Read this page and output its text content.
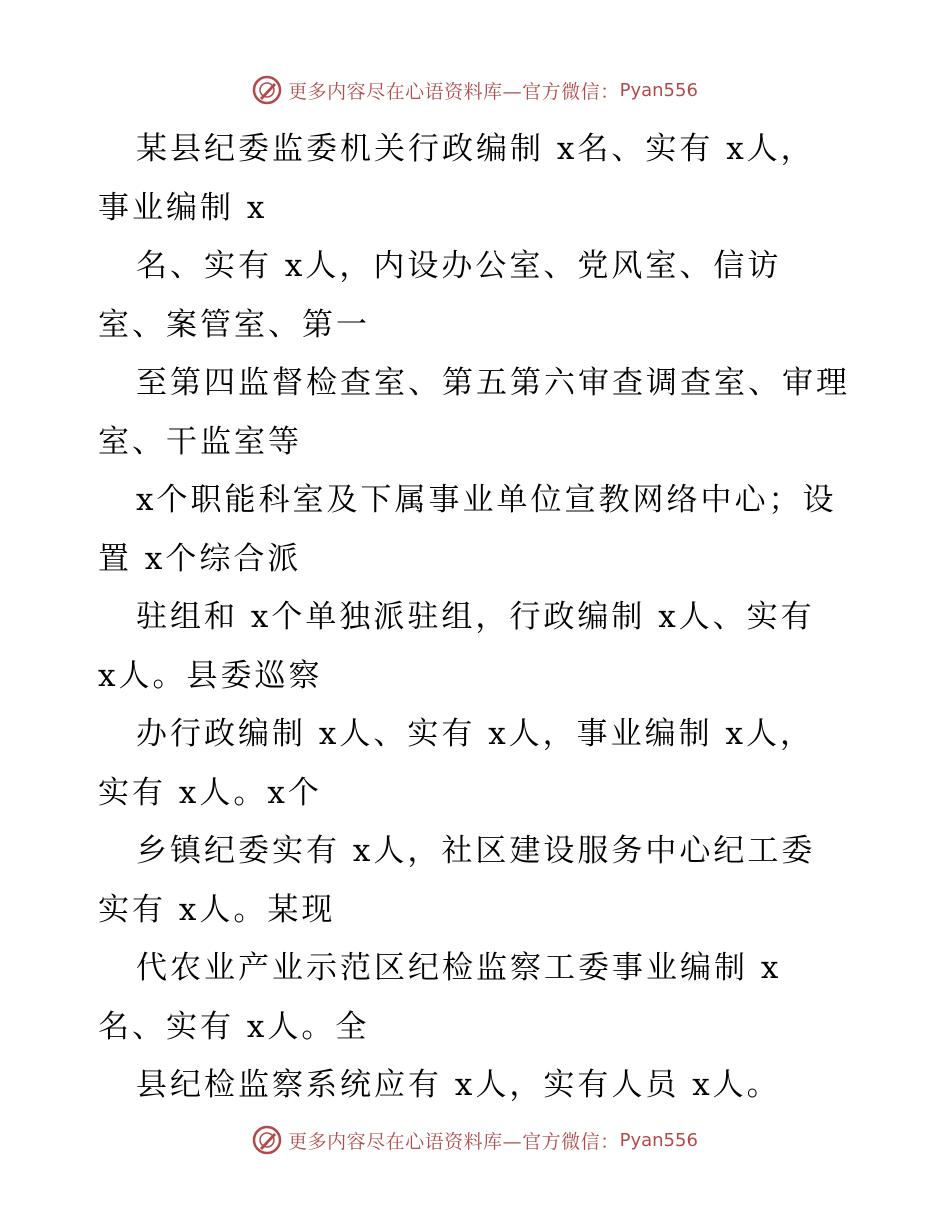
更多内容尽在心语资料库—官方微信： Pyan556
某县纪委监委机关行政编制 x名、实有 x人，
事业编制 x
名、实有 x人，内设办公室、党风室、信访
室、案管室、第一
至第四监督检查室、第五第六审查调查室、审理
室、干监室等
x个职能科室及下属事业单位宣教网络中心；设
置 x个综合派
驻组和 x个单独派驻组，行政编制 x人、实有
x人。县委巡察
办行政编制 x人、实有 x人，事业编制 x人，
实有 x人。x个
乡镇纪委实有 x人，社区建设服务中心纪工委
实有 x人。某现
代农业产业示范区纪检监察工委事业编制 x
名、实有 x人。全
县纪检监察系统应有 x人，实有人员 x人。
更多内容尽在心语资料库—官方微信： Pyan556
